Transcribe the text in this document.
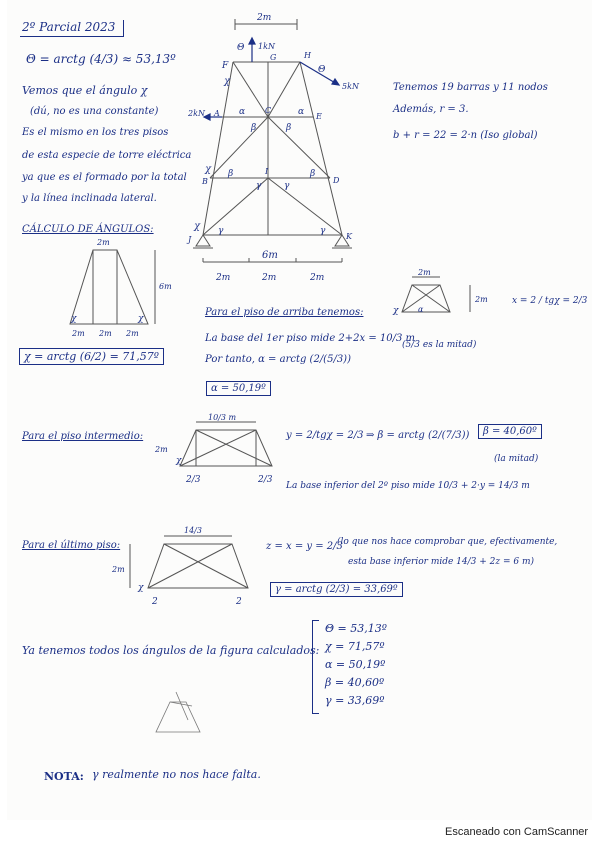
2º Parcial 2023
Θ = arctg (4/3) ≈ 53,13º
Vemos que el ángulo χ
(dú, no es una constante)
Es el mismo en los tres pisos
de esta especie de torre eléctrica
ya que es el formado por la total
y la línea inclinada lateral.
2m
1kN
5kN
2kN
F
G	H
A	C
E
B
I
D
J	K
Θ
Θ
χ
χ
χ
α	α
β	β
β	β
γ	γ
γ	γ
6m
2m	2m	2m
Tenemos 19 barras y 11 nodos
Además, r = 3.
b + r = 22 = 2·n (Iso global)
CÁLCULO DE ÁNGULOS:
2m
6m
2m 2m 2m
χ	χ
χ = arctg (6/2) = 71,57º
Para el piso de arriba tenemos:
La base del 1er piso mide 2+2x = 10/3 m
Por tanto, α = arctg (2/(5/3))
α = 50,19º
2m
2m
χ α
x = 2 / tgχ = 2/3
(5/3 es la mitad)
Para el piso intermedio:
10/3 m
2m
χ
2/3	2/3
y = 2/tgχ = 2/3 ⇒ β = arctg (2/(7/3))	β = 40,60º
(la mitad)
La base inferior del 2º piso mide 10/3 + 2·y = 14/3 m
Para el último piso:
14/3
2m
χ
2	2
z = x = y = 2/3
(lo que nos hace comprobar que, efectivamente,
esta base inferior mide 14/3 + 2z = 6 m)
γ = arctg (2/3) = 33,69º
Ya tenemos todos los ángulos de la figura calculados:
Θ = 53,13º
χ = 71,57º
α = 50,19º
β = 40,60º
γ = 33,69º
NOTA: γ realmente no nos hace falta.
Escaneado con CamScanner
